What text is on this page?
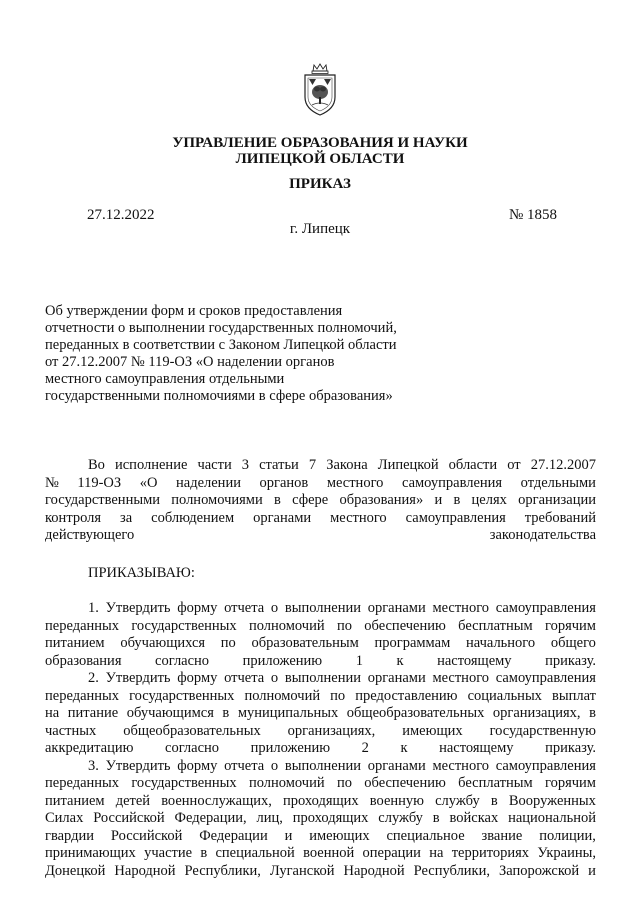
УПРАВЛЕНИЕ ОБРАЗОВАНИЯ И НАУКИ
ЛИПЕЦКОЙ ОБЛАСТИ
ПРИКАЗ
27.12.2022	№ 1858
г. Липецк
Об утверждении форм и сроков предоставления
отчетности о выполнении государственных полномочий,
переданных в соответствии с Законом Липецкой области
от 27.12.2007 № 119-ОЗ «О наделении органов
местного самоуправления отдельными
государственными полномочиями в сфере образования»
Во исполнение части 3 статьи 7 Закона Липецкой области от 27.12.2007
№ 119-ОЗ «О наделении органов местного самоуправления отдельными
государственными полномочиями в сфере образования» и в целях организации
контроля за соблюдением органами местного самоуправления требований
действующего законодательства
ПРИКАЗЫВАЮ:
1. Утвердить форму отчета о выполнении органами местного самоуправления
переданных государственных полномочий по обеспечению бесплатным горячим
питанием обучающихся по образовательным программам начального общего
образования согласно приложению 1 к настоящему приказу.
2. Утвердить форму отчета о выполнении органами местного самоуправления
переданных государственных полномочий по предоставлению социальных выплат
на питание обучающимся в муниципальных общеобразовательных организациях, в
частных общеобразовательных организациях, имеющих государственную
аккредитацию согласно приложению 2 к настоящему приказу.
3. Утвердить форму отчета о выполнении органами местного самоуправления
переданных государственных полномочий по обеспечению бесплатным горячим
питанием детей военнослужащих, проходящих военную службу в Вооруженных
Силах Российской Федерации, лиц, проходящих службу в войсках национальной
гвардии Российской Федерации и имеющих специальное звание полиции,
принимающих участие в специальной военной операции на территориях Украины,
Донецкой Народной Республики, Луганской Народной Республики, Запорожской и
